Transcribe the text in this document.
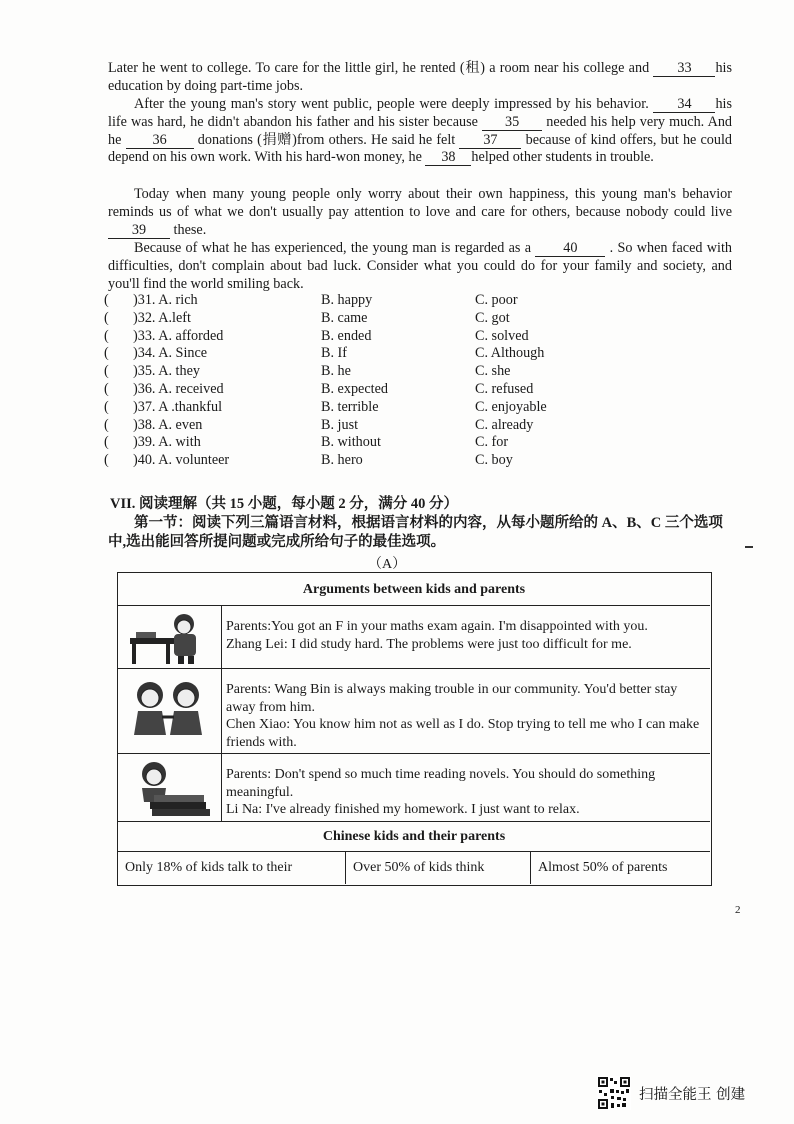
Later he went to college. To care for the little girl, he rented (租) a room near his college and 33 his education by doing part-time jobs.
After the young man's story went public, people were deeply impressed by his behavior. 34 his life was hard, he didn't abandon his father and his sister because 35 needed his help very much. And he 36 donations (捐赠)from others. He said he felt 37 because of kind offers, but he could depend on his own work. With his hard-won money, he 38 helped other students in trouble.
Today when many young people only worry about their own happiness, this young man's behavior reminds us of what we don't usually pay attention to love and care for others, because nobody could live 39 these.
Because of what he has experienced, the young man is regarded as a 40 . So when faced with difficulties, don't complain about bad luck. Consider what you could do for your family and society, and you'll find the world smiling back.
( )31. A. rich	B. happy	C. poor
( )32. A.left	B. came	C. got
( )33. A. afforded	B. ended	C. solved
( )34. A. Since	B. If	C. Although
( )35. A. they	B. he	C. she
( )36. A. received	B. expected	C. refused
( )37. A .thankful	B. terrible	C. enjoyable
( )38. A. even	B. just	C. already
( )39. A. with	B. without	C. for
( )40. A. volunteer	B. hero	C. boy
VII. 阅读理解（共 15 小题，每小题 2 分，满分 40 分）
第一节：阅读下列三篇语言材料，根据语言材料的内容，从每小题所给的 A、B、C 三个选项中,选出能回答所提问题或完成所给句子的最佳选项。
（A）
Arguments between kids and parents
Parents:You got an F in your maths exam again. I'm disappointed with you.
Zhang Lei: I did study hard. The problems were just too difficult for me.
Parents: Wang Bin is always making trouble in our community. You'd better stay away from him.
Chen Xiao: You know him not as well as I do. Stop trying to tell me who I can make friends with.
Parents: Don't spend so much time reading novels. You should do something meaningful.
Li Na: I've already finished my homework. I just want to relax.
Chinese kids and their parents
Only 18% of kids talk to their	Over 50% of kids think	Almost 50% of parents
2
扫描全能王 创建
